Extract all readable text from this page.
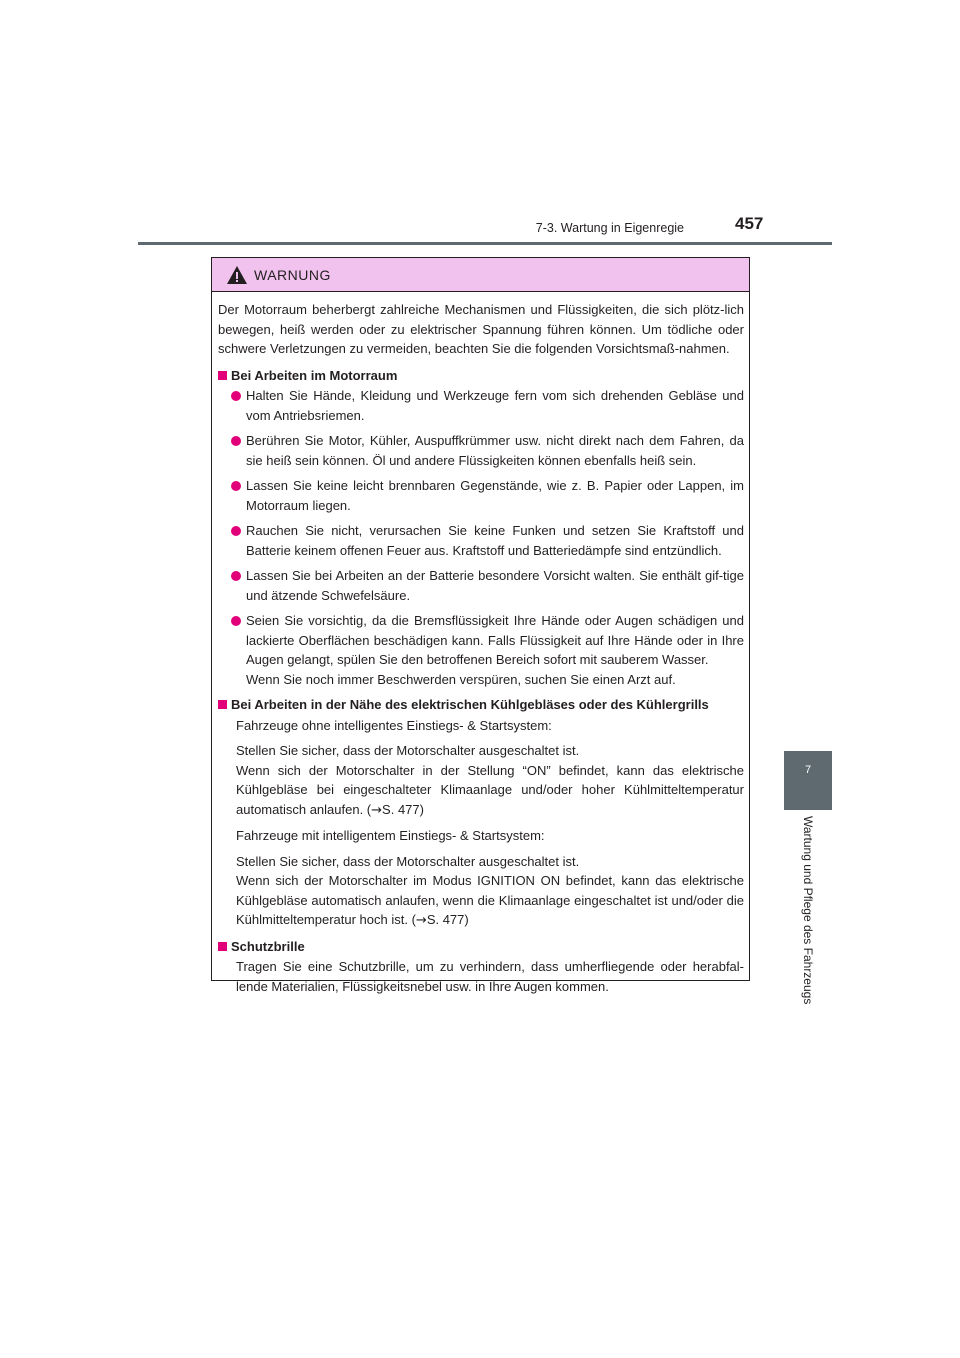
7-3. Wartung in Eigenregie	457
7
Wartung und Pflege des Fahrzeugs
WARNUNG

Der Motorraum beherbergt zahlreiche Mechanismen und Flüssigkeiten, die sich plötz-lich bewegen, heiß werden oder zu elektrischer Spannung führen können. Um tödliche oder schwere Verletzungen zu vermeiden, beachten Sie die folgenden Vorsichtsmaß-nahmen.

Bei Arbeiten im Motorraum

Halten Sie Hände, Kleidung und Werkzeuge fern vom sich drehenden Gebläse und vom Antriebsriemen.
Berühren Sie Motor, Kühler, Auspuffkrümmer usw. nicht direkt nach dem Fahren, da sie heiß sein können. Öl und andere Flüssigkeiten können ebenfalls heiß sein.
Lassen Sie keine leicht brennbaren Gegenstände, wie z. B. Papier oder Lappen, im Motorraum liegen.
Rauchen Sie nicht, verursachen Sie keine Funken und setzen Sie Kraftstoff und Batterie keinem offenen Feuer aus. Kraftstoff und Batteriedämpfe sind entzündlich.
Lassen Sie bei Arbeiten an der Batterie besondere Vorsicht walten. Sie enthält gif-tige und ätzende Schwefelsäure.
Seien Sie vorsichtig, da die Bremsflüssigkeit Ihre Hände oder Augen schädigen und lackierte Oberflächen beschädigen kann. Falls Flüssigkeit auf Ihre Hände oder in Ihre Augen gelangt, spülen Sie den betroffenen Bereich sofort mit sauberem Wasser.
Wenn Sie noch immer Beschwerden verspüren, suchen Sie einen Arzt auf.

Bei Arbeiten in der Nähe des elektrischen Kühlgebläses oder des Kühlergrills

Fahrzeuge ohne intelligentes Einstiegs- & Startsystem:

Stellen Sie sicher, dass der Motorschalter ausgeschaltet ist.
Wenn sich der Motorschalter in der Stellung “ON” befindet, kann das elektrische Kühlgebläse bei eingeschalteter Klimaanlage und/oder hoher Kühlmitteltemperatur automatisch anlaufen. (→S. 477)

Fahrzeuge mit intelligentem Einstiegs- & Startsystem:

Stellen Sie sicher, dass der Motorschalter ausgeschaltet ist.
Wenn sich der Motorschalter im Modus IGNITION ON befindet, kann das elektrische Kühlgebläse automatisch anlaufen, wenn die Klimaanlage eingeschaltet ist und/oder die Kühlmitteltemperatur hoch ist. (→S. 477)

Schutzbrille

Tragen Sie eine Schutzbrille, um zu verhindern, dass umherfliegende oder herabfal-lende Materialien, Flüssigkeitsnebel usw. in Ihre Augen kommen.
